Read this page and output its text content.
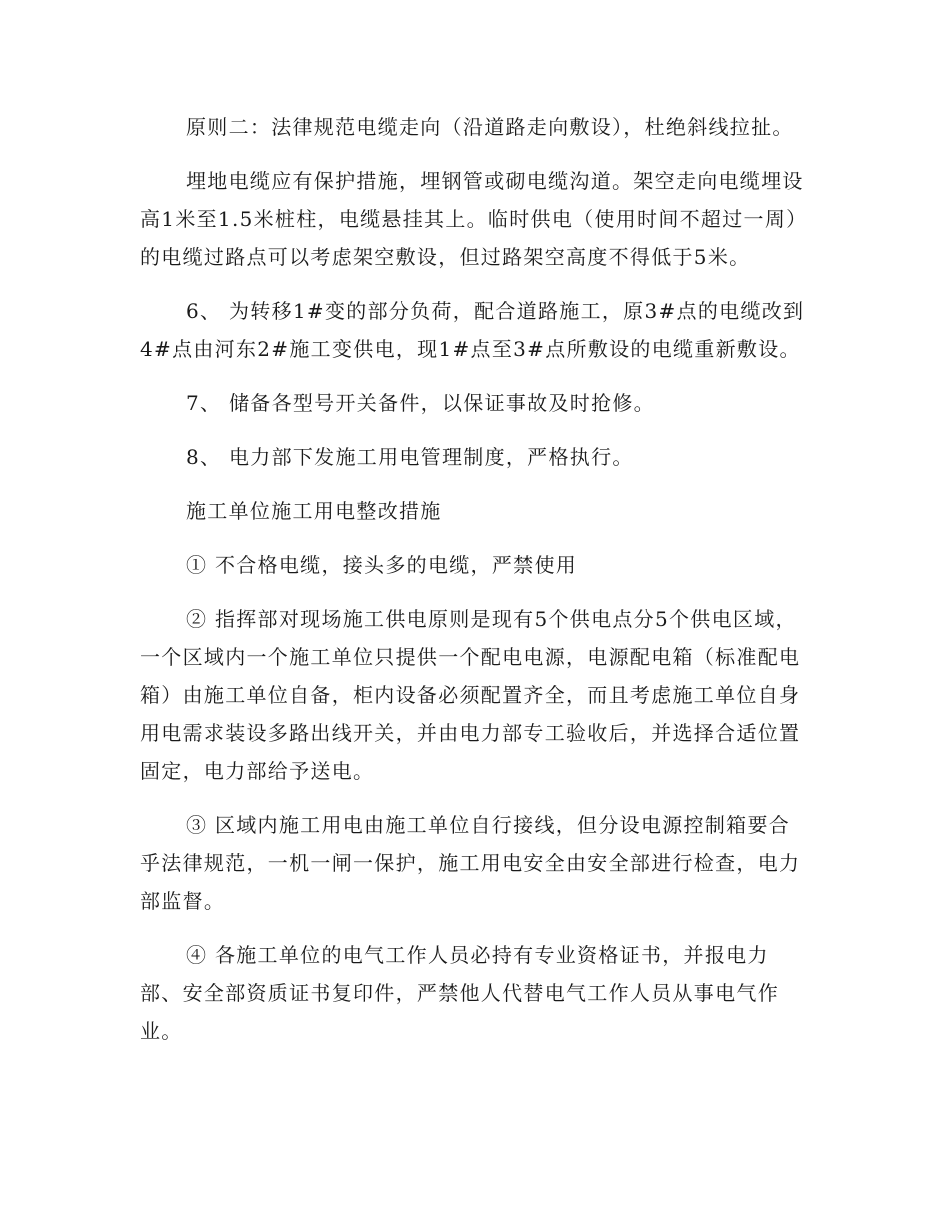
原则二：法律规范电缆走向（沿道路走向敷设），杜绝斜线拉扯。

埋地电缆应有保护措施，埋钢管或砌电缆沟道。架空走向电缆埋设高1米至1.5米桩柱，电缆悬挂其上。临时供电（使用时间不超过一周）的电缆过路点可以考虑架空敷设，但过路架空高度不得低于5米。

6、 为转移1#变的部分负荷，配合道路施工，原3#点的电缆改到4#点由河东2#施工变供电，现1#点至3#点所敷设的电缆重新敷设。

7、 储备各型号开关备件，以保证事故及时抢修。

8、 电力部下发施工用电管理制度，严格执行。

施工单位施工用电整改措施

① 不合格电缆，接头多的电缆，严禁使用

② 指挥部对现场施工供电原则是现有5个供电点分5个供电区域，一个区域内一个施工单位只提供一个配电电源，电源配电箱（标准配电箱）由施工单位自备，柜内设备必须配置齐全，而且考虑施工单位自身用电需求装设多路出线开关，并由电力部专工验收后，并选择合适位置固定，电力部给予送电。

③ 区域内施工用电由施工单位自行接线，但分设电源控制箱要合乎法律规范，一机一闸一保护，施工用电安全由安全部进行检查，电力部监督。

④ 各施工单位的电气工作人员必持有专业资格证书，并报电力部、安全部资质证书复印件，严禁他人代替电气工作人员从事电气作业。
